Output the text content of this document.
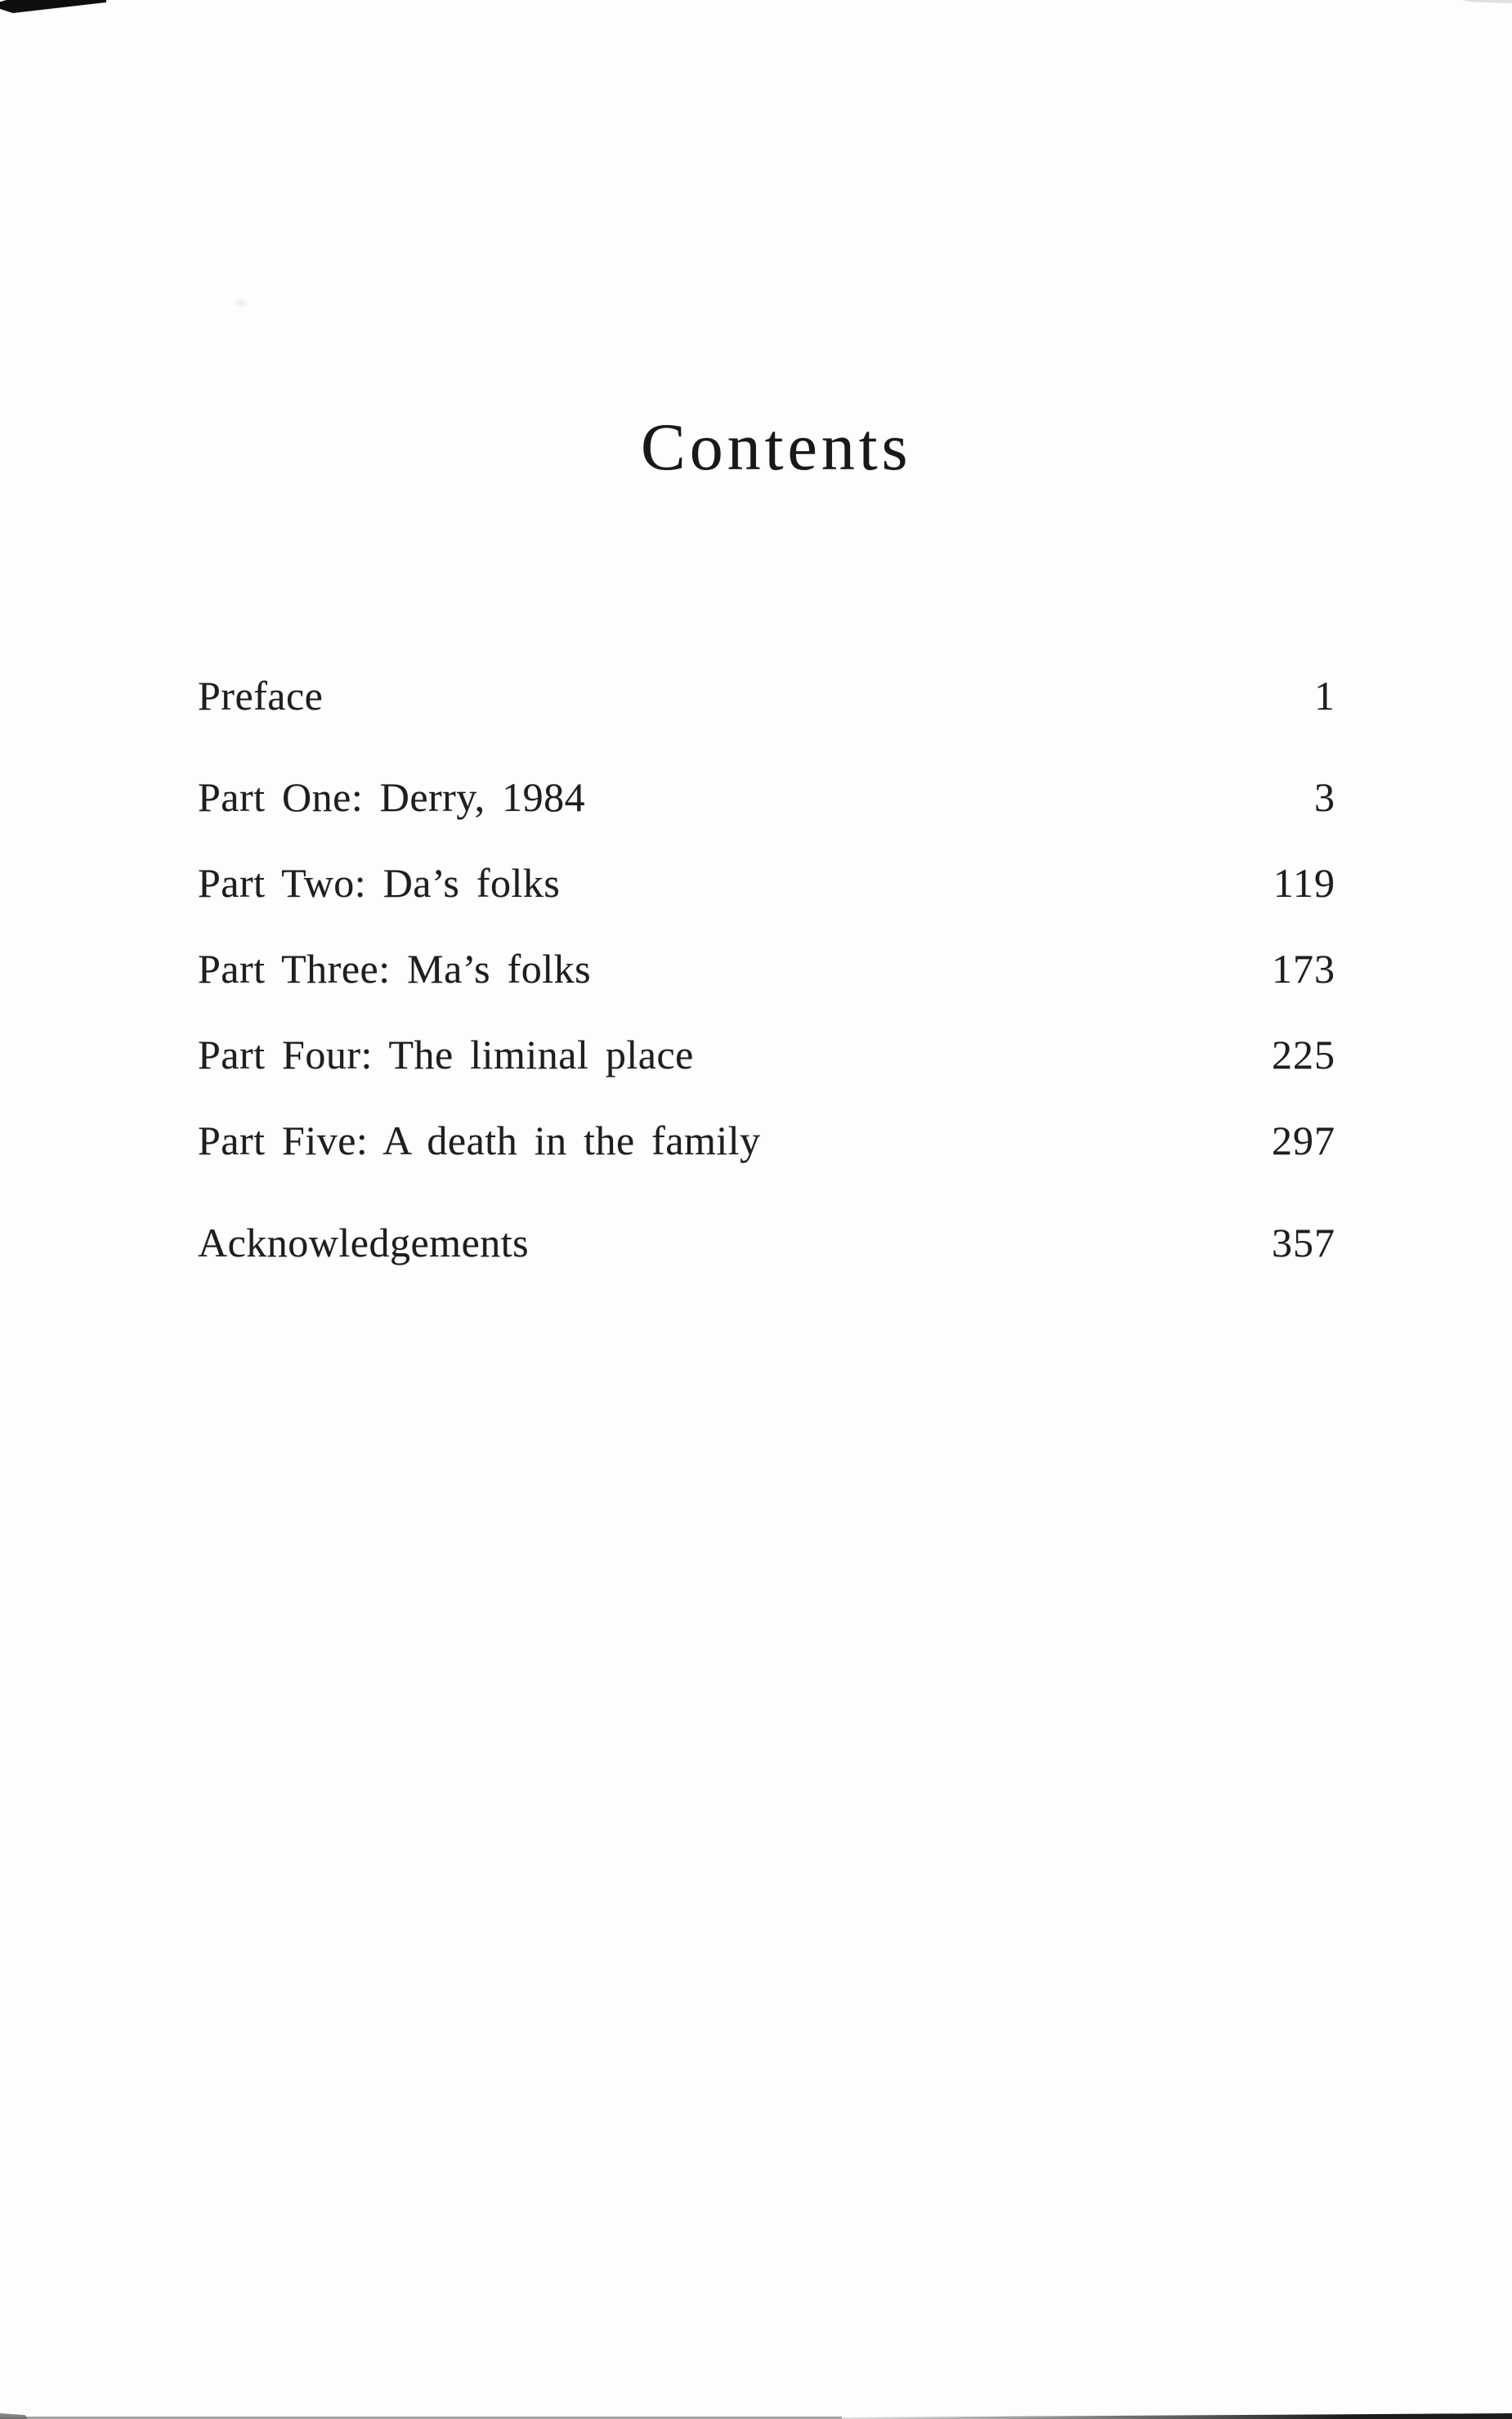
Contents
Preface	1
Part One: Derry, 1984	3
Part Two: Da’s folks	119
Part Three: Ma’s folks	173
Part Four: The liminal place	225
Part Five: A death in the family	297
Acknowledgements	357
